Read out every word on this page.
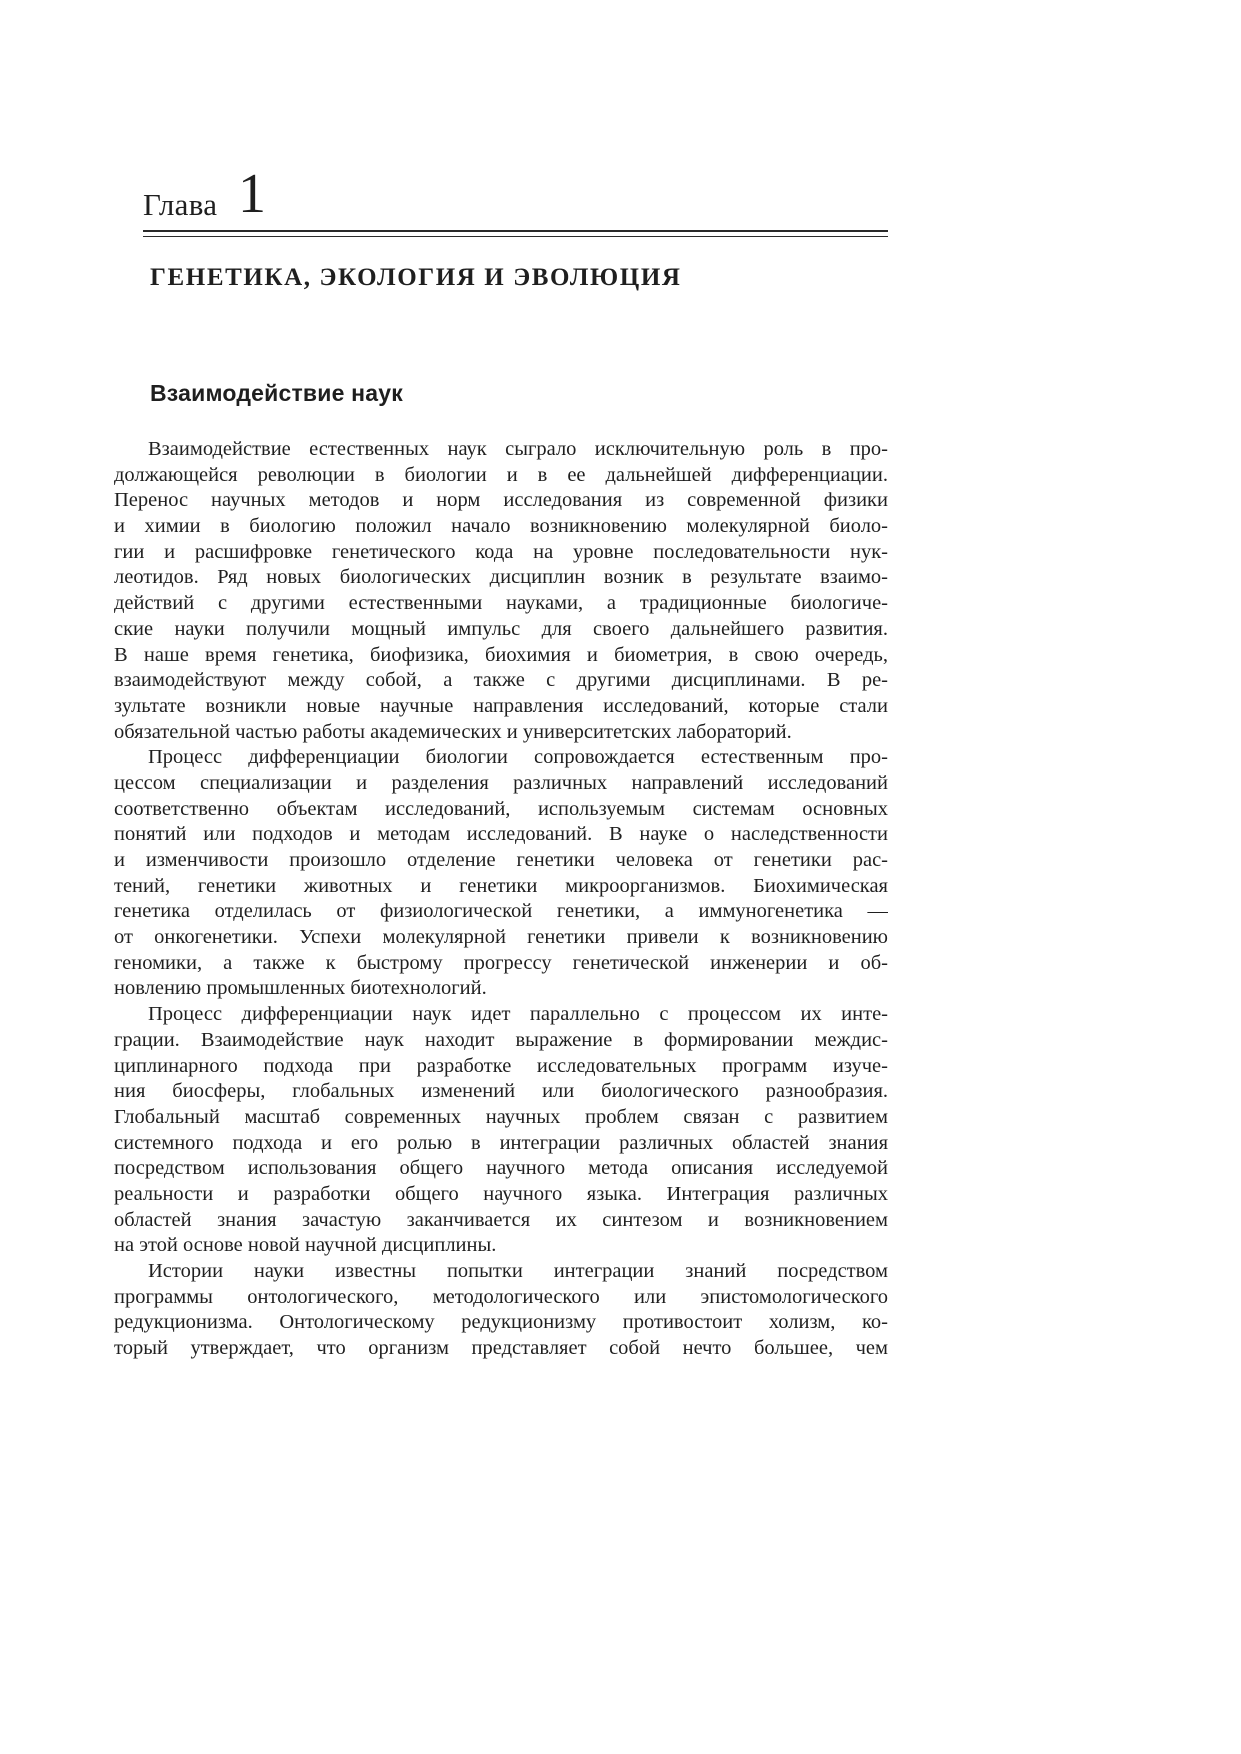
Глава 1
ГЕНЕТИКА, ЭКОЛОГИЯ И ЭВОЛЮЦИЯ
Взаимодействие наук
Взаимодействие естественных наук сыграло исключительную роль в про-
должающейся революции в биологии и в ее дальнейшей дифференциации.
Перенос научных методов и норм исследования из современной физики
и химии в биологию положил начало возникновению молекулярной биоло-
гии и расшифровке генетического кода на уровне последовательности нук-
леотидов. Ряд новых биологических дисциплин возник в результате взаимо-
действий с другими естественными науками, а традиционные биологиче-
ские науки получили мощный импульс для своего дальнейшего развития.
В наше время генетика, биофизика, биохимия и биометрия, в свою очередь,
взаимодействуют между собой, а также с другими дисциплинами. В ре-
зультате возникли новые научные направления исследований, которые стали
обязательной частью работы академических и университетских лабораторий.
Процесс дифференциации биологии сопровождается естественным про-
цессом специализации и разделения различных направлений исследований
соответственно объектам исследований, используемым системам основных
понятий или подходов и методам исследований. В науке о наследственности
и изменчивости произошло отделение генетики человека от генетики рас-
тений, генетики животных и генетики микроорганизмов. Биохимическая
генетика отделилась от физиологической генетики, а иммуногенетика —
от онкогенетики. Успехи молекулярной генетики привели к возникновению
геномики, а также к быстрому прогрессу генетической инженерии и об-
новлению промышленных биотехнологий.
Процесс дифференциации наук идет параллельно с процессом их инте-
грации. Взаимодействие наук находит выражение в формировании междис-
циплинарного подхода при разработке исследовательных программ изуче-
ния биосферы, глобальных изменений или биологического разнообразия.
Глобальный масштаб современных научных проблем связан с развитием
системного подхода и его ролью в интеграции различных областей знания
посредством использования общего научного метода описания исследуемой
реальности и разработки общего научного языка. Интеграция различных
областей знания зачастую заканчивается их синтезом и возникновением
на этой основе новой научной дисциплины.
Истории науки известны попытки интеграции знаний посредством
программы онтологического, методологического или эпистомологического
редукционизма. Онтологическому редукционизму противостоит холизм, ко-
торый утверждает, что организм представляет собой нечто большее, чем
